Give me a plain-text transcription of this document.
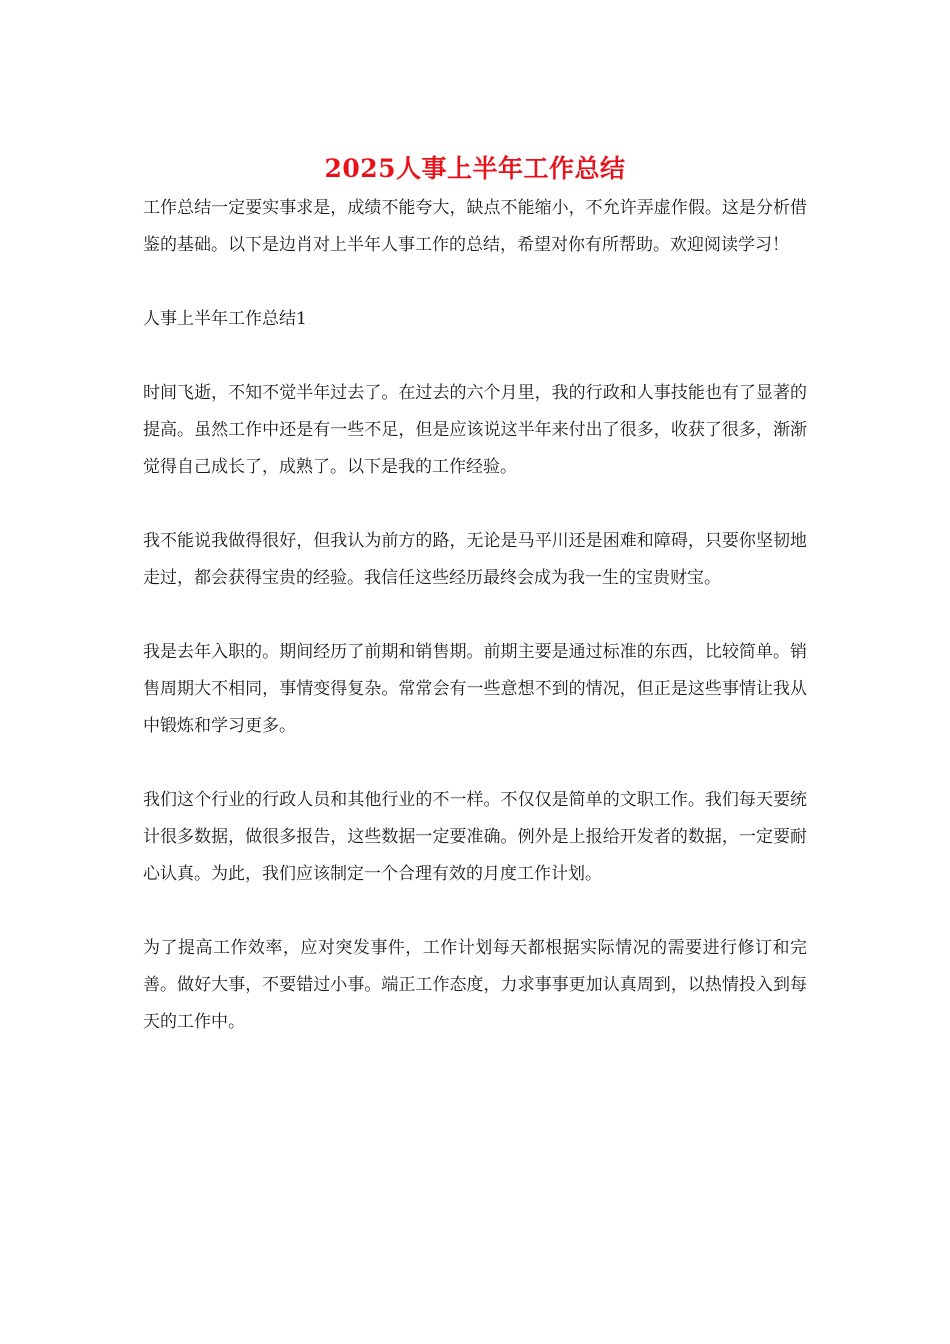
2025人事上半年工作总结

工作总结一定要实事求是，成绩不能夸大，缺点不能缩小，不允许弄虚作假。这是分析借鉴的基础。以下是边肖对上半年人事工作的总结，希望对你有所帮助。欢迎阅读学习！

人事上半年工作总结1

时间飞逝，不知不觉半年过去了。在过去的六个月里，我的行政和人事技能也有了显著的提高。虽然工作中还是有一些不足，但是应该说这半年来付出了很多，收获了很多，渐渐觉得自己成长了，成熟了。以下是我的工作经验。

我不能说我做得很好，但我认为前方的路，无论是马平川还是困难和障碍，只要你坚韧地走过，都会获得宝贵的经验。我信任这些经历最终会成为我一生的宝贵财宝。

我是去年入职的。期间经历了前期和销售期。前期主要是通过标准的东西，比较简单。销售周期大不相同，事情变得复杂。常常会有一些意想不到的情况，但正是这些事情让我从中锻炼和学习更多。

我们这个行业的行政人员和其他行业的不一样。不仅仅是简单的文职工作。我们每天要统计很多数据，做很多报告，这些数据一定要准确。例外是上报给开发者的数据，一定要耐心认真。为此，我们应该制定一个合理有效的月度工作计划。

为了提高工作效率，应对突发事件，工作计划每天都根据实际情况的需要进行修订和完善。做好大事，不要错过小事。端正工作态度，力求事事更加认真周到，以热情投入到每天的工作中。
